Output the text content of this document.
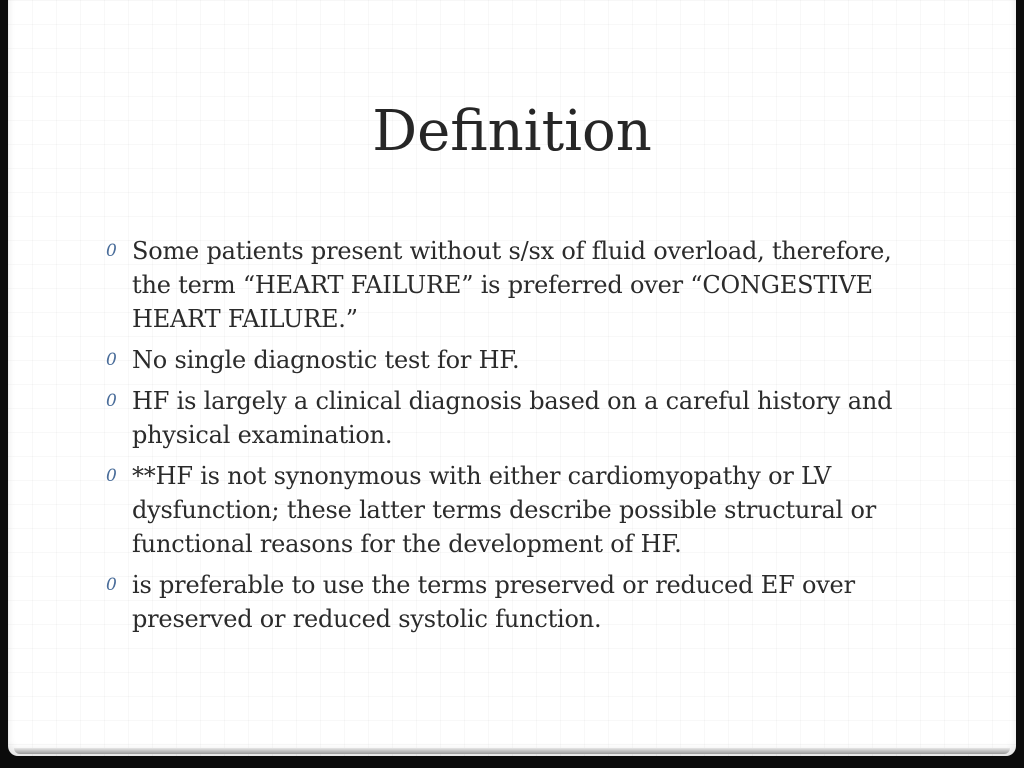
Definition
0 Some patients present without s/sx of fluid overload, therefore, the term “HEART FAILURE” is preferred over “CONGESTIVE HEART FAILURE.”
0 No single diagnostic test for HF.
0 HF is largely a clinical diagnosis based on a careful history and physical examination.
0 **HF is not synonymous with either cardiomyopathy or LV dysfunction; these latter terms describe possible structural or functional reasons for the development of HF.
0 is preferable to use the terms preserved or reduced EF over preserved or reduced systolic function.
